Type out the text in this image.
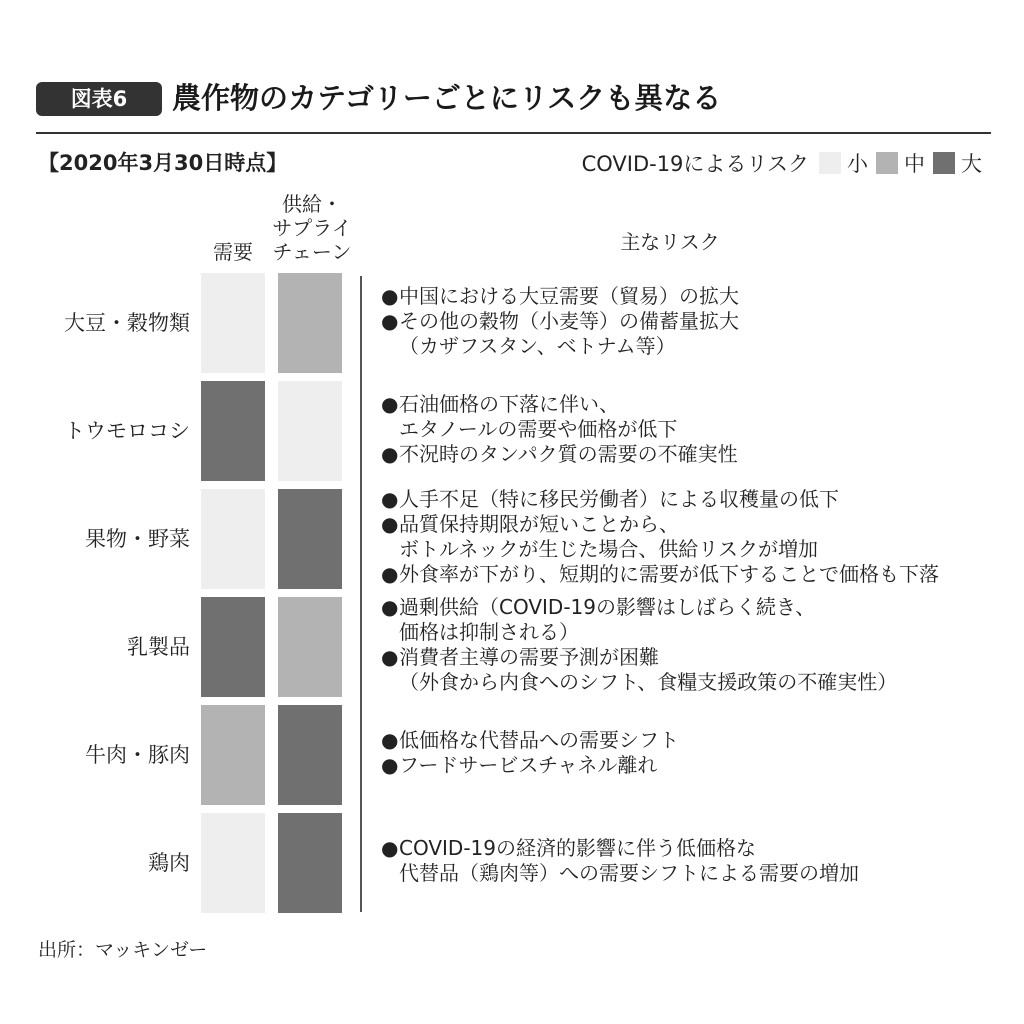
図表6	農作物のカテゴリーごとにリスクも異なる
【2020年3月30日時点】	COVID-19によるリスク 小 中 大
需要
供給・
サプライ
チェーン	主なリスク
大豆・穀物類
●中国における大豆需要（貿易）の拡大
●その他の穀物（小麦等）の備蓄量拡大
（カザフスタン、ベトナム等）
トウモロコシ
●石油価格の下落に伴い、
エタノールの需要や価格が低下
●不況時のタンパク質の需要の不確実性
果物・野菜
●人手不足（特に移民労働者）による収穫量の低下
●品質保持期限が短いことから、
ボトルネックが生じた場合、供給リスクが増加
●外食率が下がり、短期的に需要が低下することで価格も下落
乳製品
●過剰供給（COVID-19の影響はしばらく続き、
価格は抑制される）
●消費者主導の需要予測が困難
（外食から内食へのシフト、食糧支援政策の不確実性）
牛肉・豚肉
●低価格な代替品への需要シフト
●フードサービスチャネル離れ
鶏肉
●COVID-19の経済的影響に伴う低価格な
代替品（鶏肉等）への需要シフトによる需要の増加
出所：マッキンゼー
